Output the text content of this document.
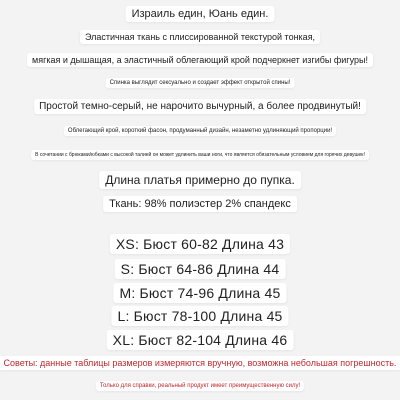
Израиль един, Юань един.
Эластичная ткань с плиссированной текстурой тонкая,
мягкая и дышащая, а эластичный облегающий крой подчеркнет изгибы фигуры!
Спинка выглядит сексуально и создает эффект открытой спины!
Простой темно-серый, не нарочито вычурный, а более продвинутый!
Облегающий крой, короткий фасон, продуманный дизайн, незаметно удлиняющий пропорции!
В сочетании с брюками/юбками с высокой талией он может удлинить ваши ноги, что является обязательным условием для горячих девушек!
Длина платья примерно до пупка.
Ткань: 98% полиэстер 2% спандекс
XS: Бюст 60-82 Длина 43
S: Бюст 64-86 Длина 44
M: Бюст 74-96 Длина 45
L: Бюст 78-100 Длина 45
XL: Бюст 82-104 Длина 46
Советы: данные таблицы размеров измеряются вручную, возможна небольшая погрешность.
Только для справки, реальный продукт имеет преимущественную силу!
